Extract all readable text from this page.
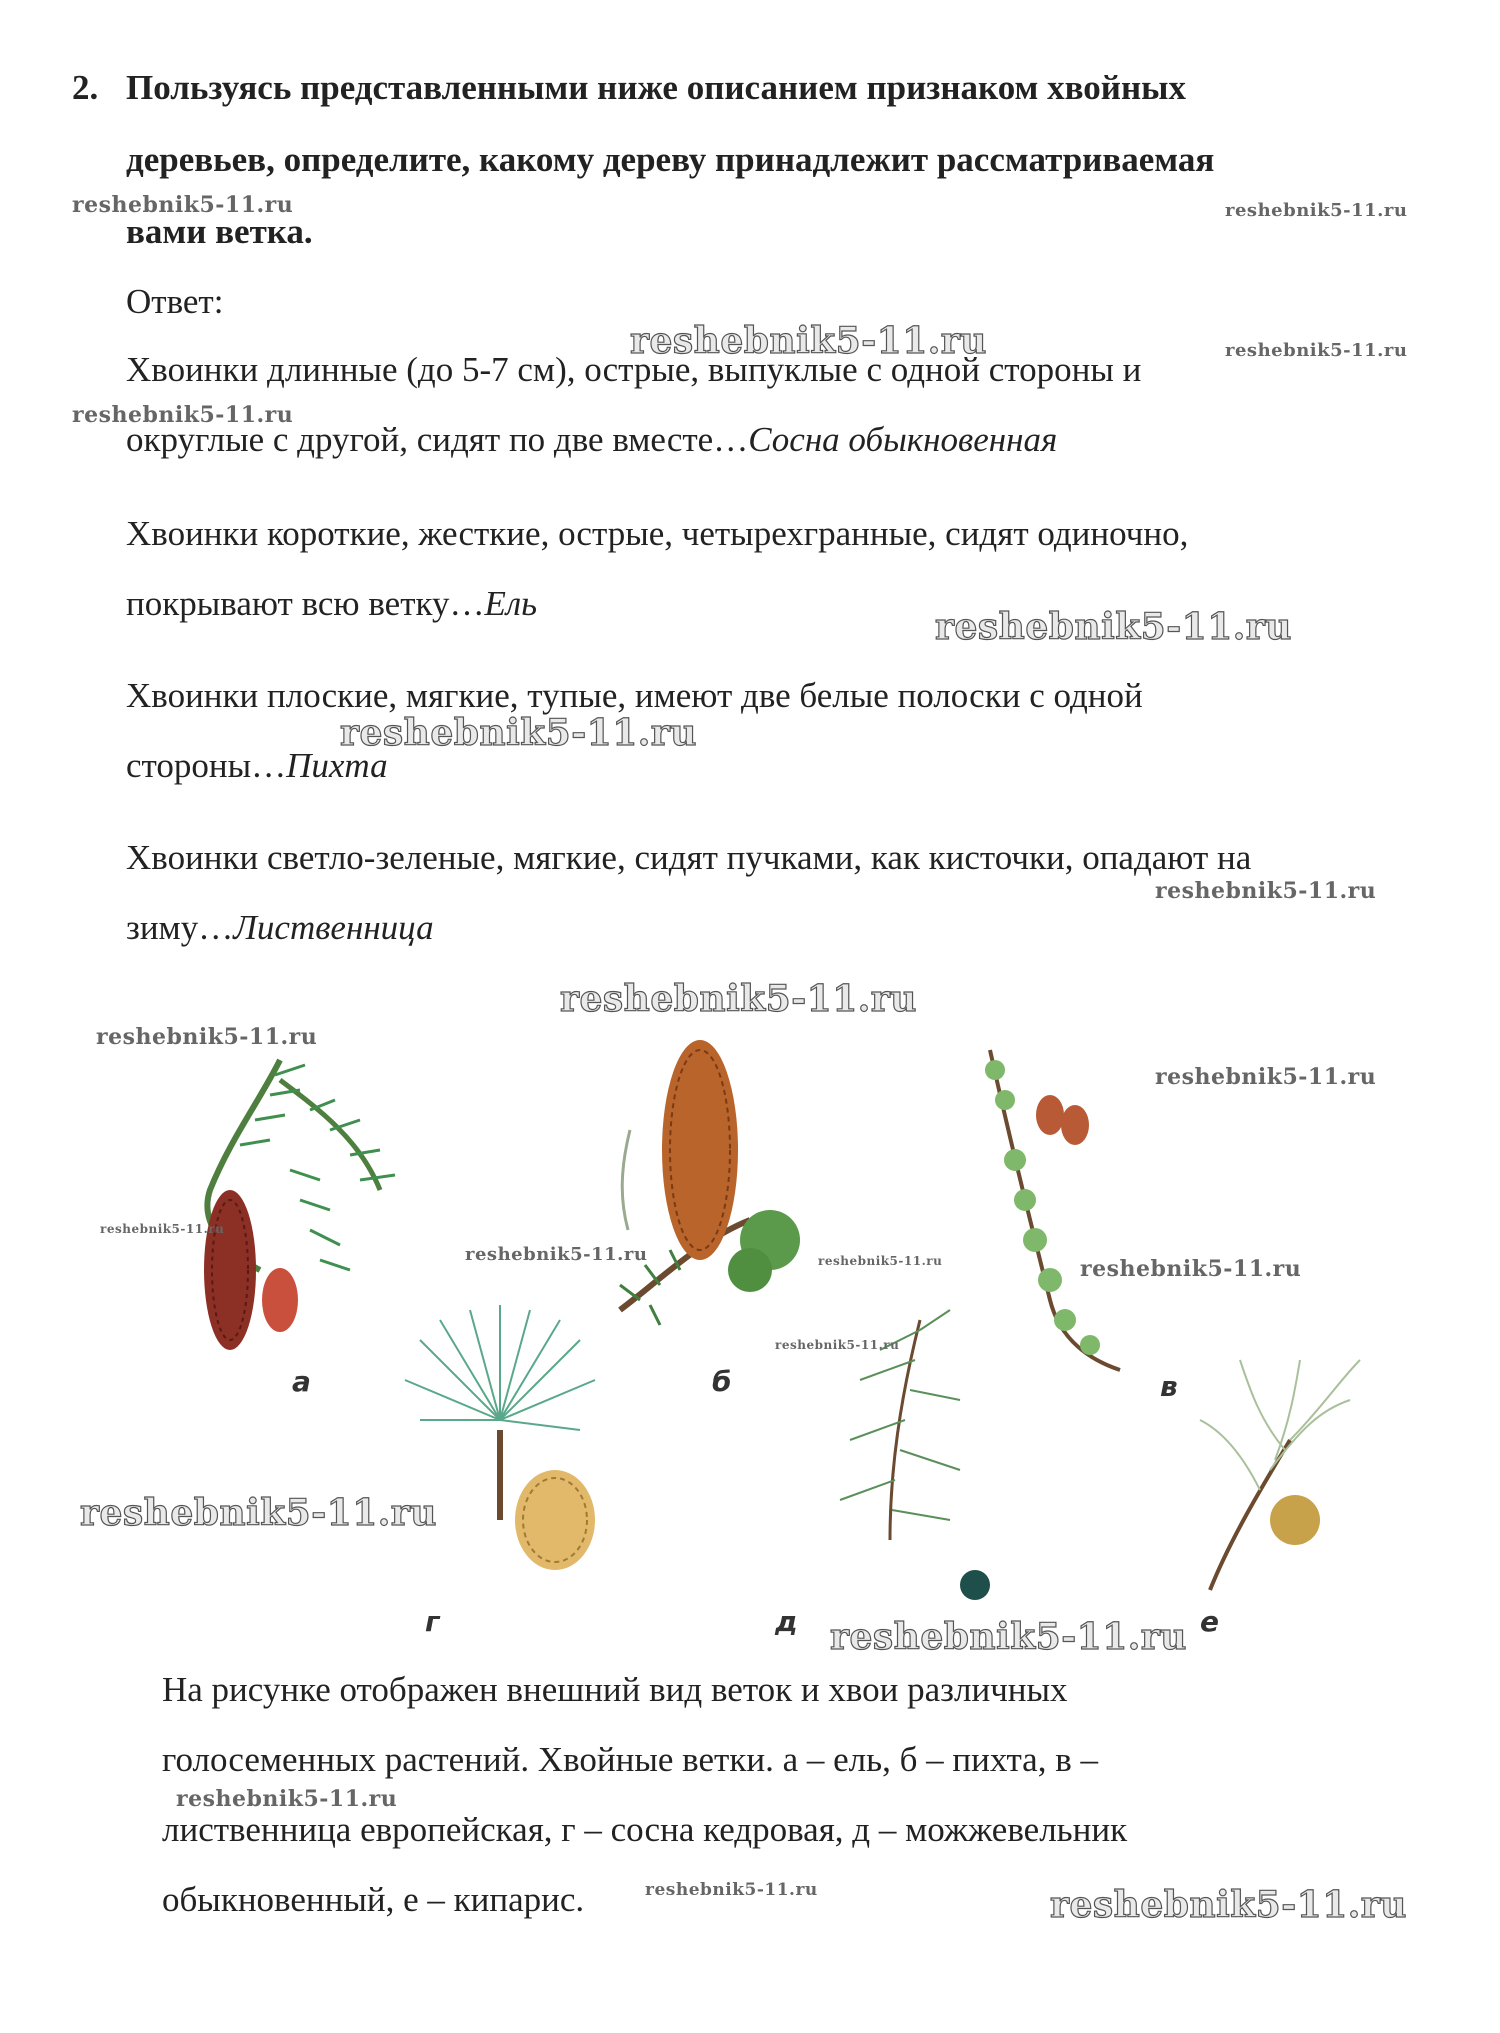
2. Пользуясь представленными ниже описанием признаком хвойных
деревьев, определите, какому дереву принадлежит рассматриваемая
вами ветка.
Ответ:
Хвоинки длинные (до 5-7 см), острые, выпуклые с одной стороны и
округлые с другой, сидят по две вместе…Сосна обыкновенная
Хвоинки короткие, жесткие, острые, четырехгранные, сидят одиночно,
покрывают всю ветку…Ель
Хвоинки плоские, мягкие, тупые, имеют две белые полоски с одной
стороны…Пихта
Хвоинки светло-зеленые, мягкие, сидят пучками, как кисточки, опадают на
зиму…Лиственница
а	б	в
г	д	е
На рисунке отображен внешний вид веток и хвои различных
голосеменных растений. Хвойные ветки. а – ель, б – пихта, в –
лиственница европейская, г – сосна кедровая, д – можжевельник
обыкновенный, е – кипарис.
reshebnik5-11.ru	reshebnik5-11.ru
reshebnik5-11.ru	reshebnik5-11.ru
reshebnik5-11.ru
reshebnik5-11.ru
reshebnik5-11.ru
reshebnik5-11.ru
reshebnik5-11.ru
reshebnik5-11.ru
reshebnik5-11.ru
reshebnik5-11.ru
reshebnik5-11.ru	reshebnik5-11.ru	reshebnik5-11.ru
reshebnik5-11.ru
reshebnik5-11.ru
reshebnik5-11.ru
reshebnik5-11.ru
reshebnik5-11.ru	reshebnik5-11.ru
